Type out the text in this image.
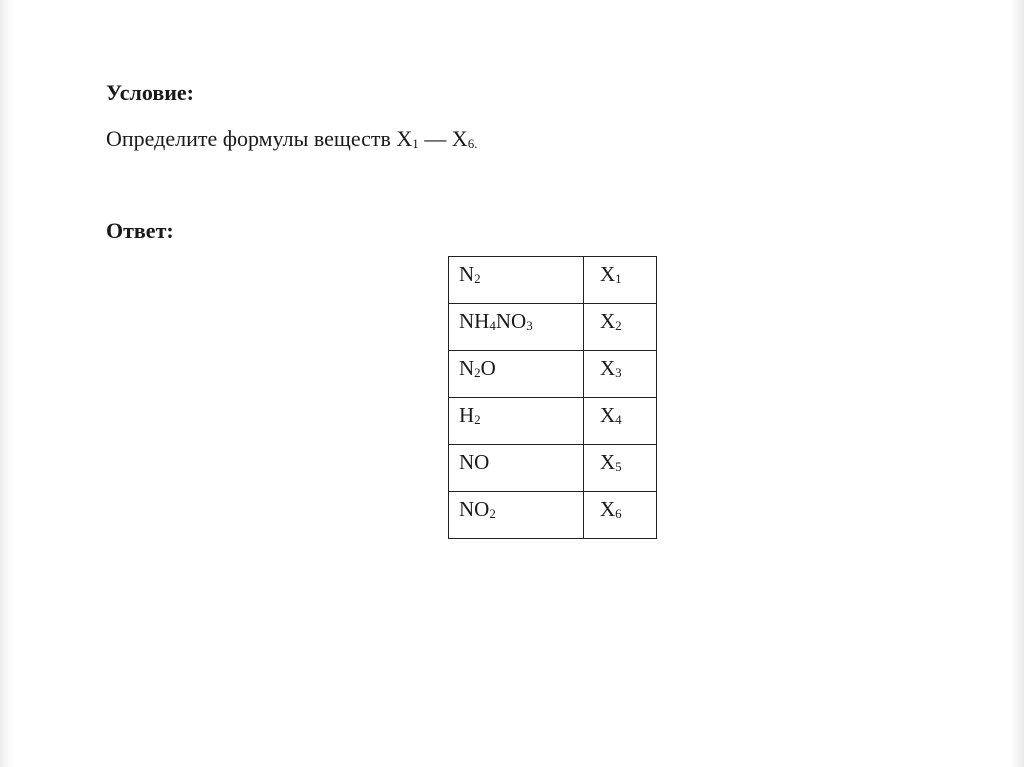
Условие:

Определите формулы веществ $X_1$ — $X_{6.}$

Ответ:

$N_2$	$X_1$
$NH_4NO_3$	$X_2$
$N_2O$	$X_3$
$H_2$	$X_4$
NO	$X_5$
$NO_2$	$X_6$
